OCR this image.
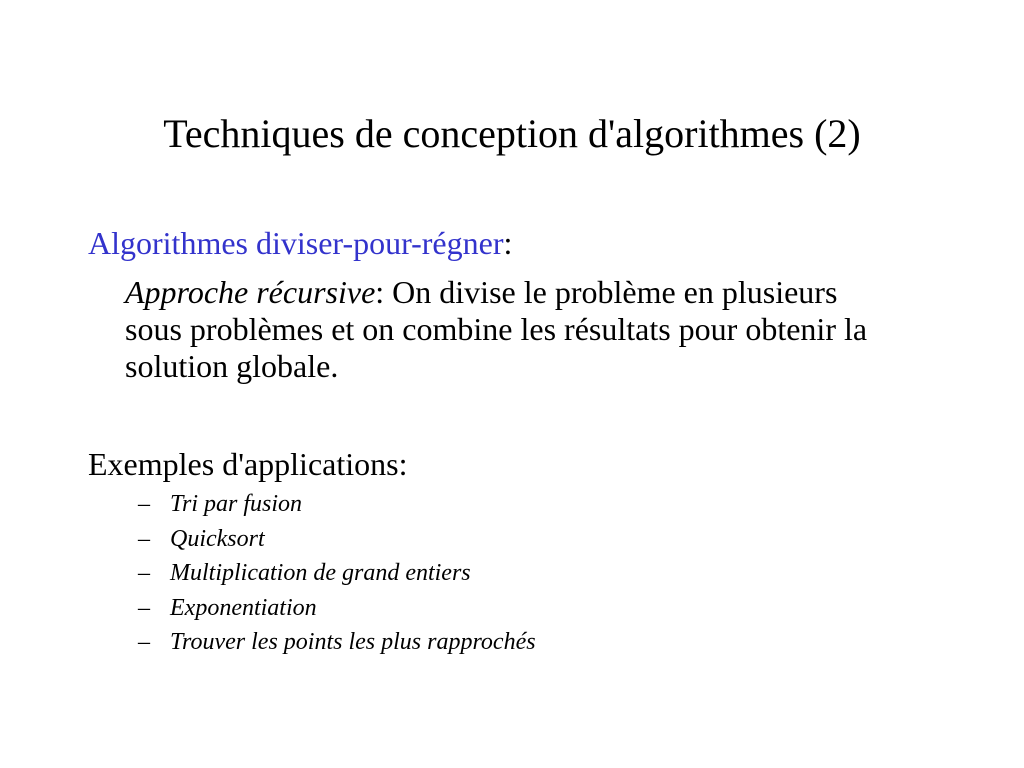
Techniques de conception d'algorithmes (2)
Algorithmes diviser-pour-régner:
Approche récursive: On divise le problème en plusieurs sous problèmes et on combine les résultats pour obtenir la solution globale.
Exemples d'applications:
– Tri par fusion
– Quicksort
– Multiplication de grand entiers
– Exponentiation
– Trouver les points les plus rapprochés
